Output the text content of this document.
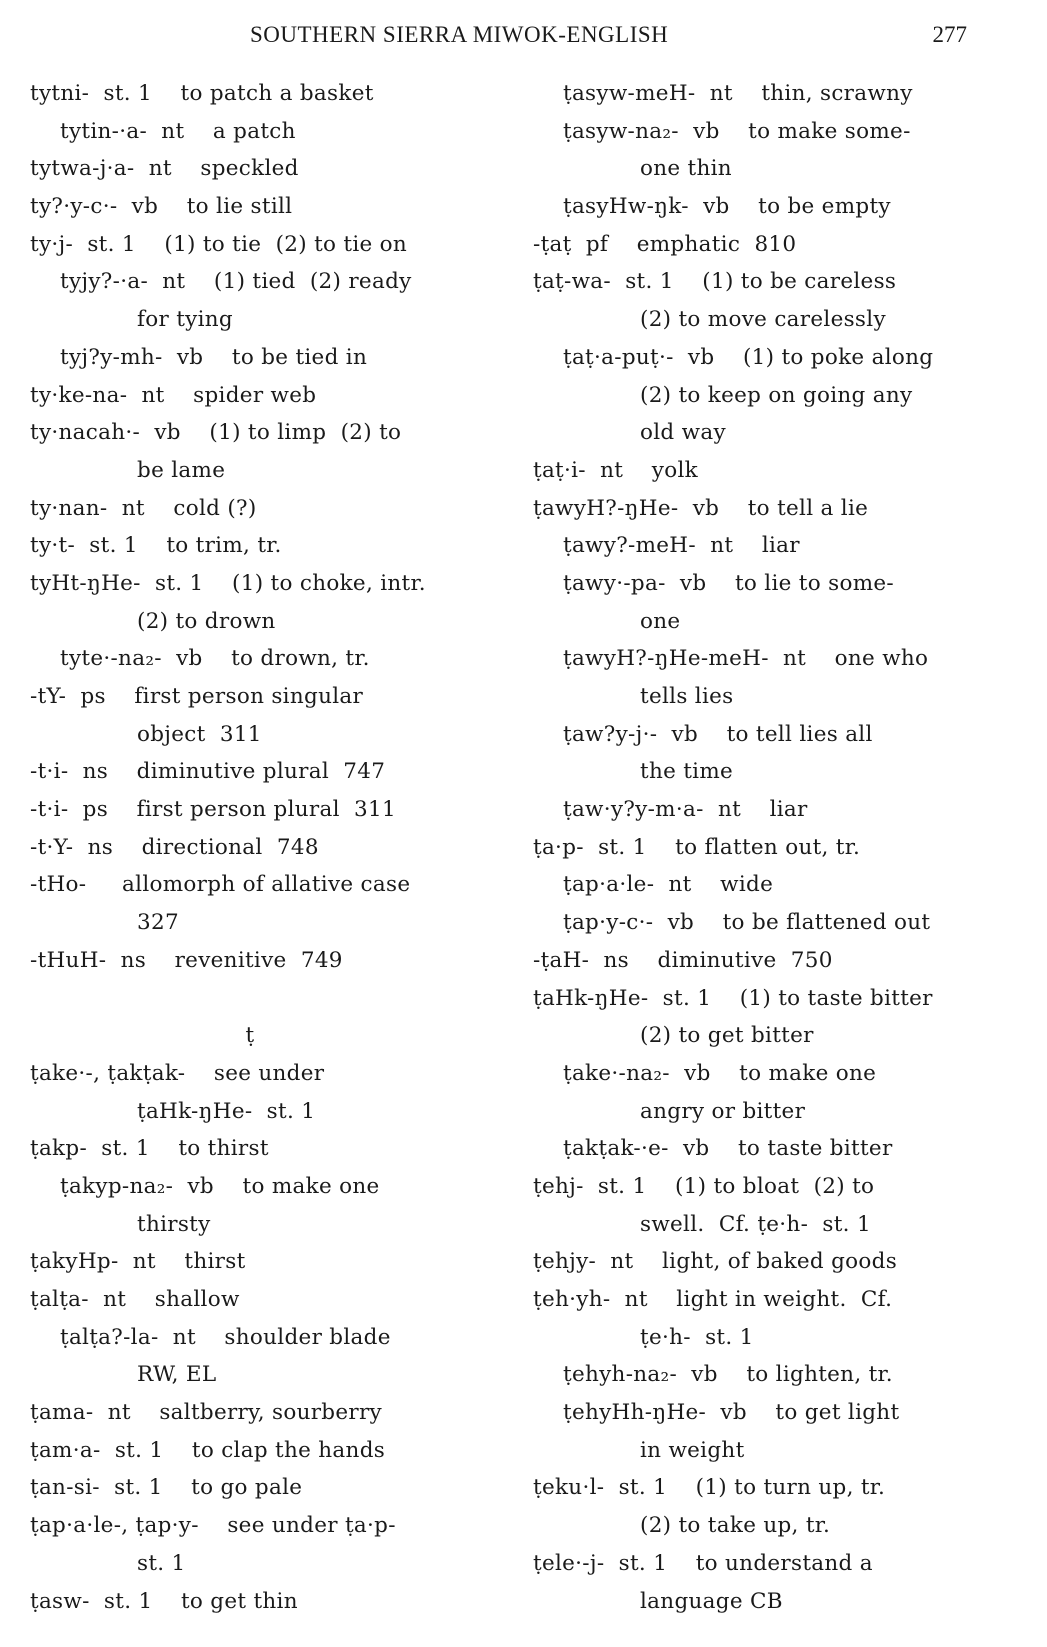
SOUTHERN SIERRA MIWOK-ENGLISH	277
tytni-  st. 1    to patch a basket
tytin-·a-  nt    a patch
tytwa-j·a-  nt    speckled
ty?·y-c·-  vb    to lie still
ty·j-  st. 1    (1) to tie  (2) to tie on
tyjy?-·a-  nt    (1) tied  (2) ready
for tying
tyj?y-mh-  vb    to be tied in
ty·ke-na-  nt    spider web
ty·nacah·-  vb    (1) to limp  (2) to
be lame
ty·nan-  nt    cold (?)
ty·t-  st. 1    to trim, tr.
tyHt-ŋHe-  st. 1    (1) to choke, intr.
(2) to drown
tyte·-na₂-  vb    to drown, tr.
-tY-  ps    first person singular
object  311
-t·i-  ns    diminutive plural  747
-t·i-  ps    first person plural  311
-t·Y-  ns    directional  748
-tHo-     allomorph of allative case
327
-tHuH-  ns    revenitive  749
ṭ
ṭake·-, ṭakṭak-    see under
ṭaHk-ŋHe-  st. 1
ṭakp-  st. 1    to thirst
ṭakyp-na₂-  vb    to make one
thirsty
ṭakyHp-  nt    thirst
ṭalṭa-  nt    shallow
ṭalṭa?-la-  nt    shoulder blade
RW, EL
ṭama-  nt    saltberry, sourberry
ṭam·a-  st. 1    to clap the hands
ṭan-si-  st. 1    to go pale
ṭap·a·le-, ṭap·y-    see under ṭa·p-
st. 1
ṭasw-  st. 1    to get thin
ṭasyw-meH-  nt    thin, scrawny
ṭasyw-na₂-  vb    to make some-
one thin
ṭasyHw-ŋk-  vb    to be empty
-ṭaṭ  pf    emphatic  810
ṭaṭ-wa-  st. 1    (1) to be careless
(2) to move carelessly
ṭaṭ·a-puṭ·-  vb    (1) to poke along
(2) to keep on going any
old way
ṭaṭ·i-  nt    yolk
ṭawyH?-ŋHe-  vb    to tell a lie
ṭawy?-meH-  nt    liar
ṭawy·-pa-  vb    to lie to some-
one
ṭawyH?-ŋHe-meH-  nt    one who
tells lies
ṭaw?y-j·-  vb    to tell lies all
the time
ṭaw·y?y-m·a-  nt    liar
ṭa·p-  st. 1    to flatten out, tr.
ṭap·a·le-  nt    wide
ṭap·y-c·-  vb    to be flattened out
-ṭaH-  ns    diminutive  750
ṭaHk-ŋHe-  st. 1    (1) to taste bitter
(2) to get bitter
ṭake·-na₂-  vb    to make one
angry or bitter
ṭakṭak-·e-  vb    to taste bitter
ṭehj-  st. 1    (1) to bloat  (2) to
swell.  Cf. ṭe·h-  st. 1
ṭehjy-  nt    light, of baked goods
ṭeh·yh-  nt    light in weight.  Cf.
ṭe·h-  st. 1
ṭehyh-na₂-  vb    to lighten, tr.
ṭehyHh-ŋHe-  vb    to get light
in weight
ṭeku·l-  st. 1    (1) to turn up, tr.
(2) to take up, tr.
ṭele·-j-  st. 1    to understand a
language CB
